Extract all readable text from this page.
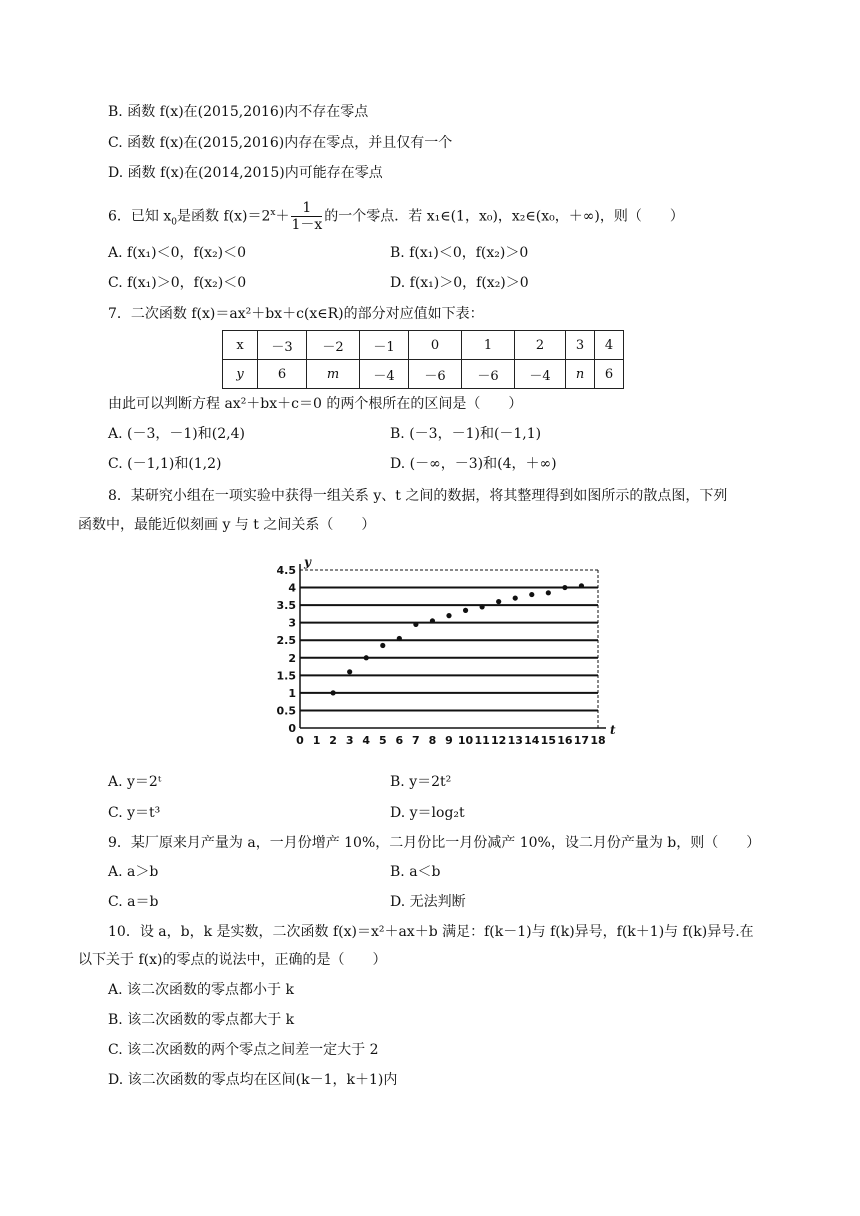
B. 函数 f(x)在(2015,2016)内不存在零点
C. 函数 f(x)在(2015,2016)内存在零点，并且仅有一个
D. 函数 f(x)在(2014,2015)内可能存在零点
6．已知 $x_0$是函数 $f(x)=2^x+ \frac{1}{1-x}$ 的一个零点．若 x₁∈(1，x₀)，x₂∈(x₀，＋∞)，则（　　）
A. f(x₁)＜0，f(x₂)＜0	B. f(x₁)＜0，f(x₂)＞0
C. f(x₁)＞0，f(x₂)＜0	D. f(x₁)＞0，f(x₂)＞0
7．二次函数 f(x)＝ax²＋bx＋c(x∈R)的部分对应值如下表：
x	－3	－2	－1	0	1	2	3	4
y	6	m	－4	－6	－6	－4	n	6
由此可以判断方程 ax²＋bx＋c＝0 的两个根所在的区间是（　　）
A. (－3，－1)和(2,4)	B. (－3，－1)和(－1,1)
C. (－1,1)和(1,2)	D. (－∞，－3)和(4，＋∞)
8．某研究小组在一项实验中获得一组关系 y、t 之间的数据，将其整理得到如图所示的散点图，下列
函数中，最能近似刻画 y 与 t 之间关系（　　）
0
0.5
1
1.5
2
2.5
3
3.5
4
4.5
0 1 2 3 4 5 6 7 8 9 10 11 12 13 14 15 16 17 18
y
t
A. y＝2ᵗ	B. y＝2t²
C. y＝t³	D. y＝log₂t
9．某厂原来月产量为 a，一月份增产 10%，二月份比一月份减产 10%，设二月份产量为 b，则（　　）
A. a＞b	B. a＜b
C. a＝b	D. 无法判断
10．设 a，b，k 是实数，二次函数 f(x)＝x²＋ax＋b 满足：f(k－1)与 f(k)异号，f(k＋1)与 f(k)异号.在
以下关于 f(x)的零点的说法中，正确的是（　　）
A. 该二次函数的零点都小于 k
B. 该二次函数的零点都大于 k
C. 该二次函数的两个零点之间差一定大于 2
D. 该二次函数的零点均在区间(k－1，k＋1)内
